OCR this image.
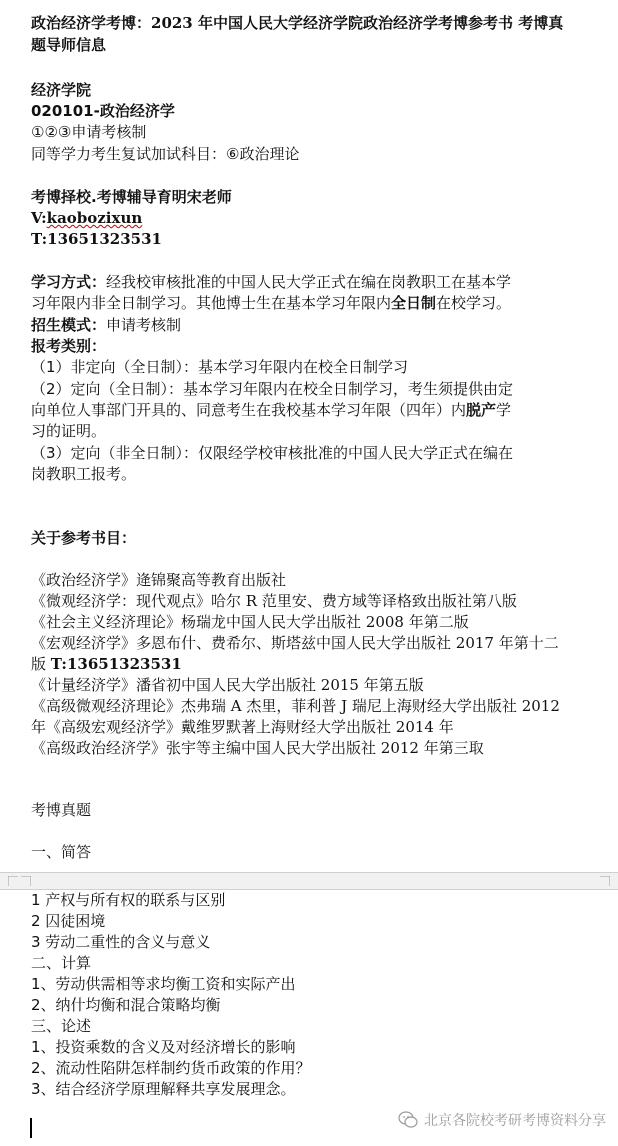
政治经济学考博：2023 年中国人民大学经济学院政治经济学考博参考书 考博真
题导师信息
经济学院
020101-政治经济学
①②③申请考核制
同等学力考生复试加试科目：⑥政治理论
考博择校.考博辅导育明宋老师
V:kaobozixun
T:13651323531
学习方式：经我校审核批准的中国人民大学正式在编在岗教职工在基本学
习年限内非全日制学习。其他博士生在基本学习年限内全日制在校学习。
招生模式：申请考核制
报考类别：
（1）非定向（全日制）：基本学习年限内在校全日制学习
（2）定向（全日制）：基本学习年限内在校全日制学习，考生须提供由定
向单位人事部门开具的、同意考生在我校基本学习年限（四年）内脱产学
习的证明。
（3）定向（非全日制）：仅限经学校审核批准的中国人民大学正式在编在
岗教职工报考。
关于参考书目：
《政治经济学》逄锦聚高等教育出版社
《微观经济学：现代观点》哈尔 R 范里安、费方域等译格致出版社第八版
《社会主义经济理论》杨瑞龙中国人民大学出版社 2008 年第二版
《宏观经济学》多恩布什、费希尔、斯塔兹中国人民大学出版社 2017 年第十二
版 T:13651323531
《计量经济学》潘省初中国人民大学出版社 2015 年第五版
《高级微观经济理论》杰弗瑞 A 杰里，菲利普 J 瑞尼上海财经大学出版社 2012
年《高级宏观经济学》戴维罗默著上海财经大学出版社 2014 年
《高级政治经济学》张宇等主编中国人民大学出版社 2012 年第三取
考博真题
一、简答
1 产权与所有权的联系与区别
2 囚徒困境
3 劳动二重性的含义与意义
二、计算
1、劳动供需相等求均衡工资和实际产出
2、纳什均衡和混合策略均衡
三、论述
1、投资乘数的含义及对经济增长的影响
2、流动性陷阱怎样制约货币政策的作用？
3、结合经济学原理解释共享发展理念。
北京各院校考研考博资料分享
